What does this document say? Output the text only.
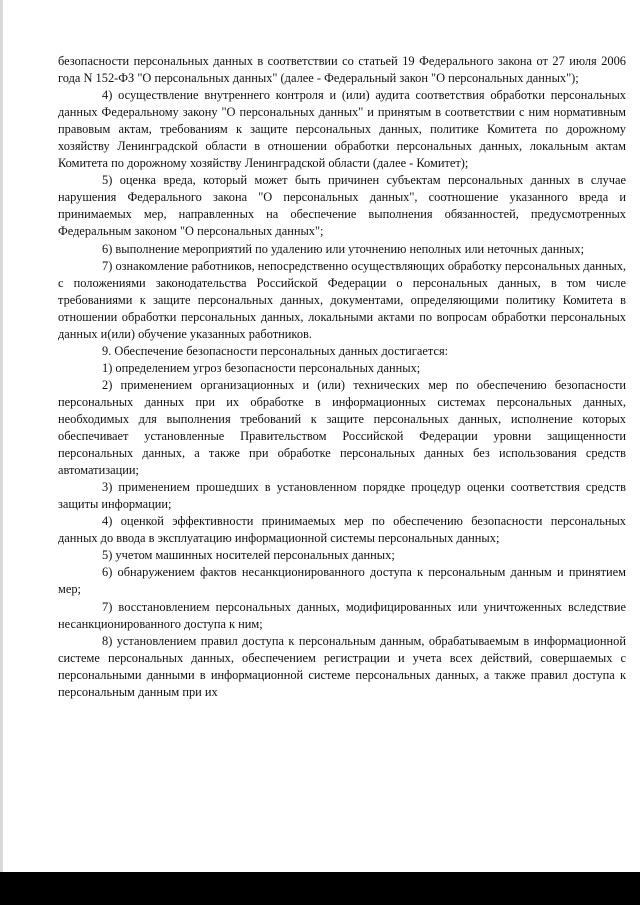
безопасности персональных данных в соответствии со статьей 19 Федерального закона от 27 июля 2006 года N 152-ФЗ "О персональных данных" (далее - Федеральный закон "О персональных данных");

4) осуществление внутреннего контроля и (или) аудита соответствия обработки персональных данных Федеральному закону "О персональных данных" и принятым в соответствии с ним нормативным правовым актам, требованиям к защите персональных данных, политике Комитета по дорожному хозяйству Ленинградской области в отношении обработки персональных данных, локальным актам Комитета по дорожному хозяйству Ленинградской области (далее - Комитет);

5) оценка вреда, который может быть причинен субъектам персональных данных в случае нарушения Федерального закона "О персональных данных", соотношение указанного вреда и принимаемых мер, направленных на обеспечение выполнения обязанностей, предусмотренных Федеральным законом "О персональных данных";

6) выполнение мероприятий по удалению или уточнению неполных или неточных данных;

7) ознакомление работников, непосредственно осуществляющих обработку персональных данных, с положениями законодательства Российской Федерации о персональных данных, в том числе требованиями к защите персональных данных, документами, определяющими политику Комитета в отношении обработки персональных данных, локальными актами по вопросам обработки персональных данных и(или) обучение указанных работников.

9. Обеспечение безопасности персональных данных достигается:

1) определением угроз безопасности персональных данных;

2) применением организационных и (или) технических мер по обеспечению безопасности персональных данных при их обработке в информационных системах персональных данных, необходимых для выполнения требований к защите персональных данных, исполнение которых обеспечивает установленные Правительством Российской Федерации уровни защищенности персональных данных, а также при обработке персональных данных без использования средств автоматизации;

3) применением прошедших в установленном порядке процедур оценки соответствия средств защиты информации;

4) оценкой эффективности принимаемых мер по обеспечению безопасности персональных данных до ввода в эксплуатацию информационной системы персональных данных;

5) учетом машинных носителей персональных данных;

6) обнаружением фактов несанкционированного доступа к персональным данным и принятием мер;

7) восстановлением персональных данных, модифицированных или уничтоженных вследствие несанкционированного доступа к ним;

8) установлением правил доступа к персональным данным, обрабатываемым в информационной системе персональных данных, обеспечением регистрации и учета всех действий, совершаемых с персональными данными в информационной системе персональных данных, а также правил доступа к персональным данным при их
